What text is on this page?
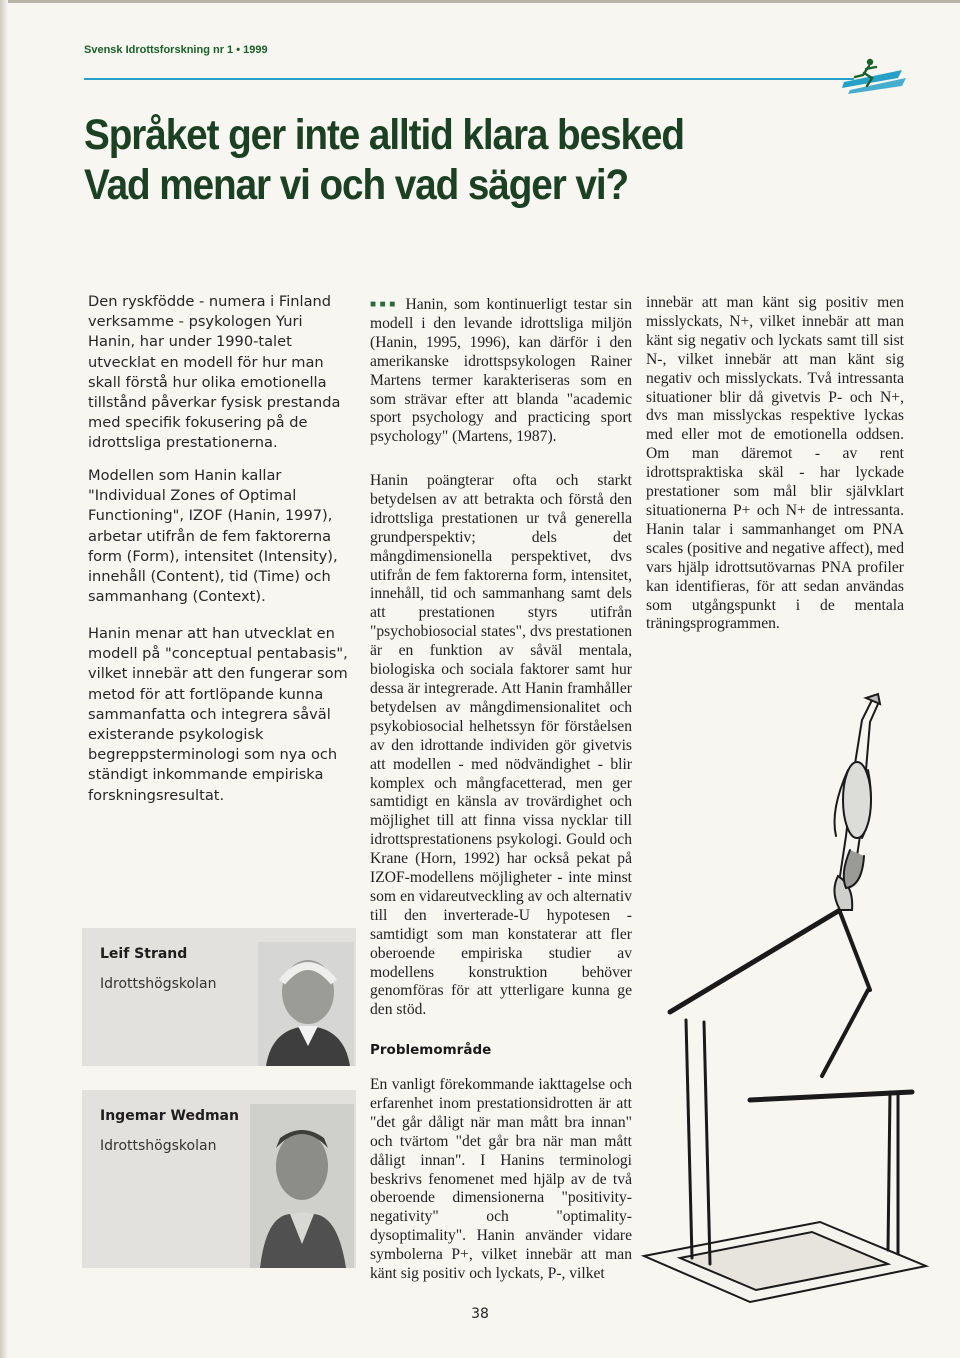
Svensk Idrottsforskning nr 1 • 1999
Språket ger inte alltid klara besked
Vad menar vi och vad säger vi?
Den ryskfödde - numera i Finland verksamme - psykologen Yuri Hanin, har under 1990-talet utvecklat en modell för hur man skall förstå hur olika emotionella tillstånd påverkar fysisk prestanda med specifik fokusering på de idrottsliga prestationerna.
Modellen som Hanin kallar "Individual Zones of Optimal Functioning", IZOF (Hanin, 1997), arbetar utifrån de fem faktorerna form (Form), intensitet (Intensity), innehåll (Content), tid (Time) och sammanhang (Context).
Hanin menar att han utvecklat en modell på "conceptual pentabasis", vilket innebär att den fungerar som metod för att fortlöpande kunna sammanfatta och integrera såväl existerande psykologisk begreppsterminologi som nya och ständigt inkommande empiriska forskningsresultat.
Leif Strand
Idrottshögskolan
Ingemar Wedman
Idrottshögskolan
■■■ Hanin, som kontinuerligt testar sin modell i den levande idrottsliga miljön (Hanin, 1995, 1996), kan därför i den amerikanske idrottspsykologen Rainer Martens termer karakteriseras som en som strävar efter att blanda "academic sport psychology and practicing sport psychology" (Martens, 1987).
Hanin poängterar ofta och starkt betydelsen av att betrakta och förstå den idrottsliga prestationen ur två generella grundperspektiv; dels det mångdimensionella perspektivet, dvs utifrån de fem faktorerna form, intensitet, innehåll, tid och sammanhang samt dels att prestationen styrs utifrån "psychobiosocial states", dvs prestationen är en funktion av såväl mentala, biologiska och sociala faktorer samt hur dessa är integrerade. Att Hanin framhåller betydelsen av mångdimensionalitet och psykobiosocial helhetssyn för förståelsen av den idrottande individen gör givetvis att modellen - med nödvändighet - blir komplex och mångfacetterad, men ger samtidigt en känsla av trovärdighet och möjlighet till att finna vissa nycklar till idrottsprestationens psykologi. Gould och Krane (Horn, 1992) har också pekat på IZOF-modellens möjligheter - inte minst som en vidareutveckling av och alternativ till den inverterade-U hypotesen - samtidigt som man konstaterar att fler oberoende empiriska studier av modellens konstruktion behöver genomföras för att ytterligare kunna ge den stöd.
Problemområde
En vanligt förekommande iakttagelse och erfarenhet inom prestationsidrotten är att "det går dåligt när man mått bra innan" och tvärtom "det går bra när man mått dåligt innan". I Hanins terminologi beskrivs fenomenet med hjälp av de två oberoende dimensionerna "positivity-negativity" och "optimality-dysoptimality". Hanin använder vidare symbolerna P+, vilket innebär att man känt sig positiv och lyckats, P-, vilket
innebär att man känt sig positiv men misslyckats, N+, vilket innebär att man känt sig negativ och lyckats samt till sist N-, vilket innebär att man känt sig negativ och misslyckats. Två intressanta situationer blir då givetvis P- och N+, dvs man misslyckas respektive lyckas med eller mot de emotionella oddsen. Om man däremot - av rent idrottspraktiska skäl - har lyckade prestationer som mål blir självklart situationerna P+ och N+ de intressanta. Hanin talar i sammanhanget om PNA scales (positive and negative affect), med vars hjälp idrottsutövarnas PNA profiler kan identifieras, för att sedan användas som utgångspunkt i de mentala träningsprogrammen.
38
